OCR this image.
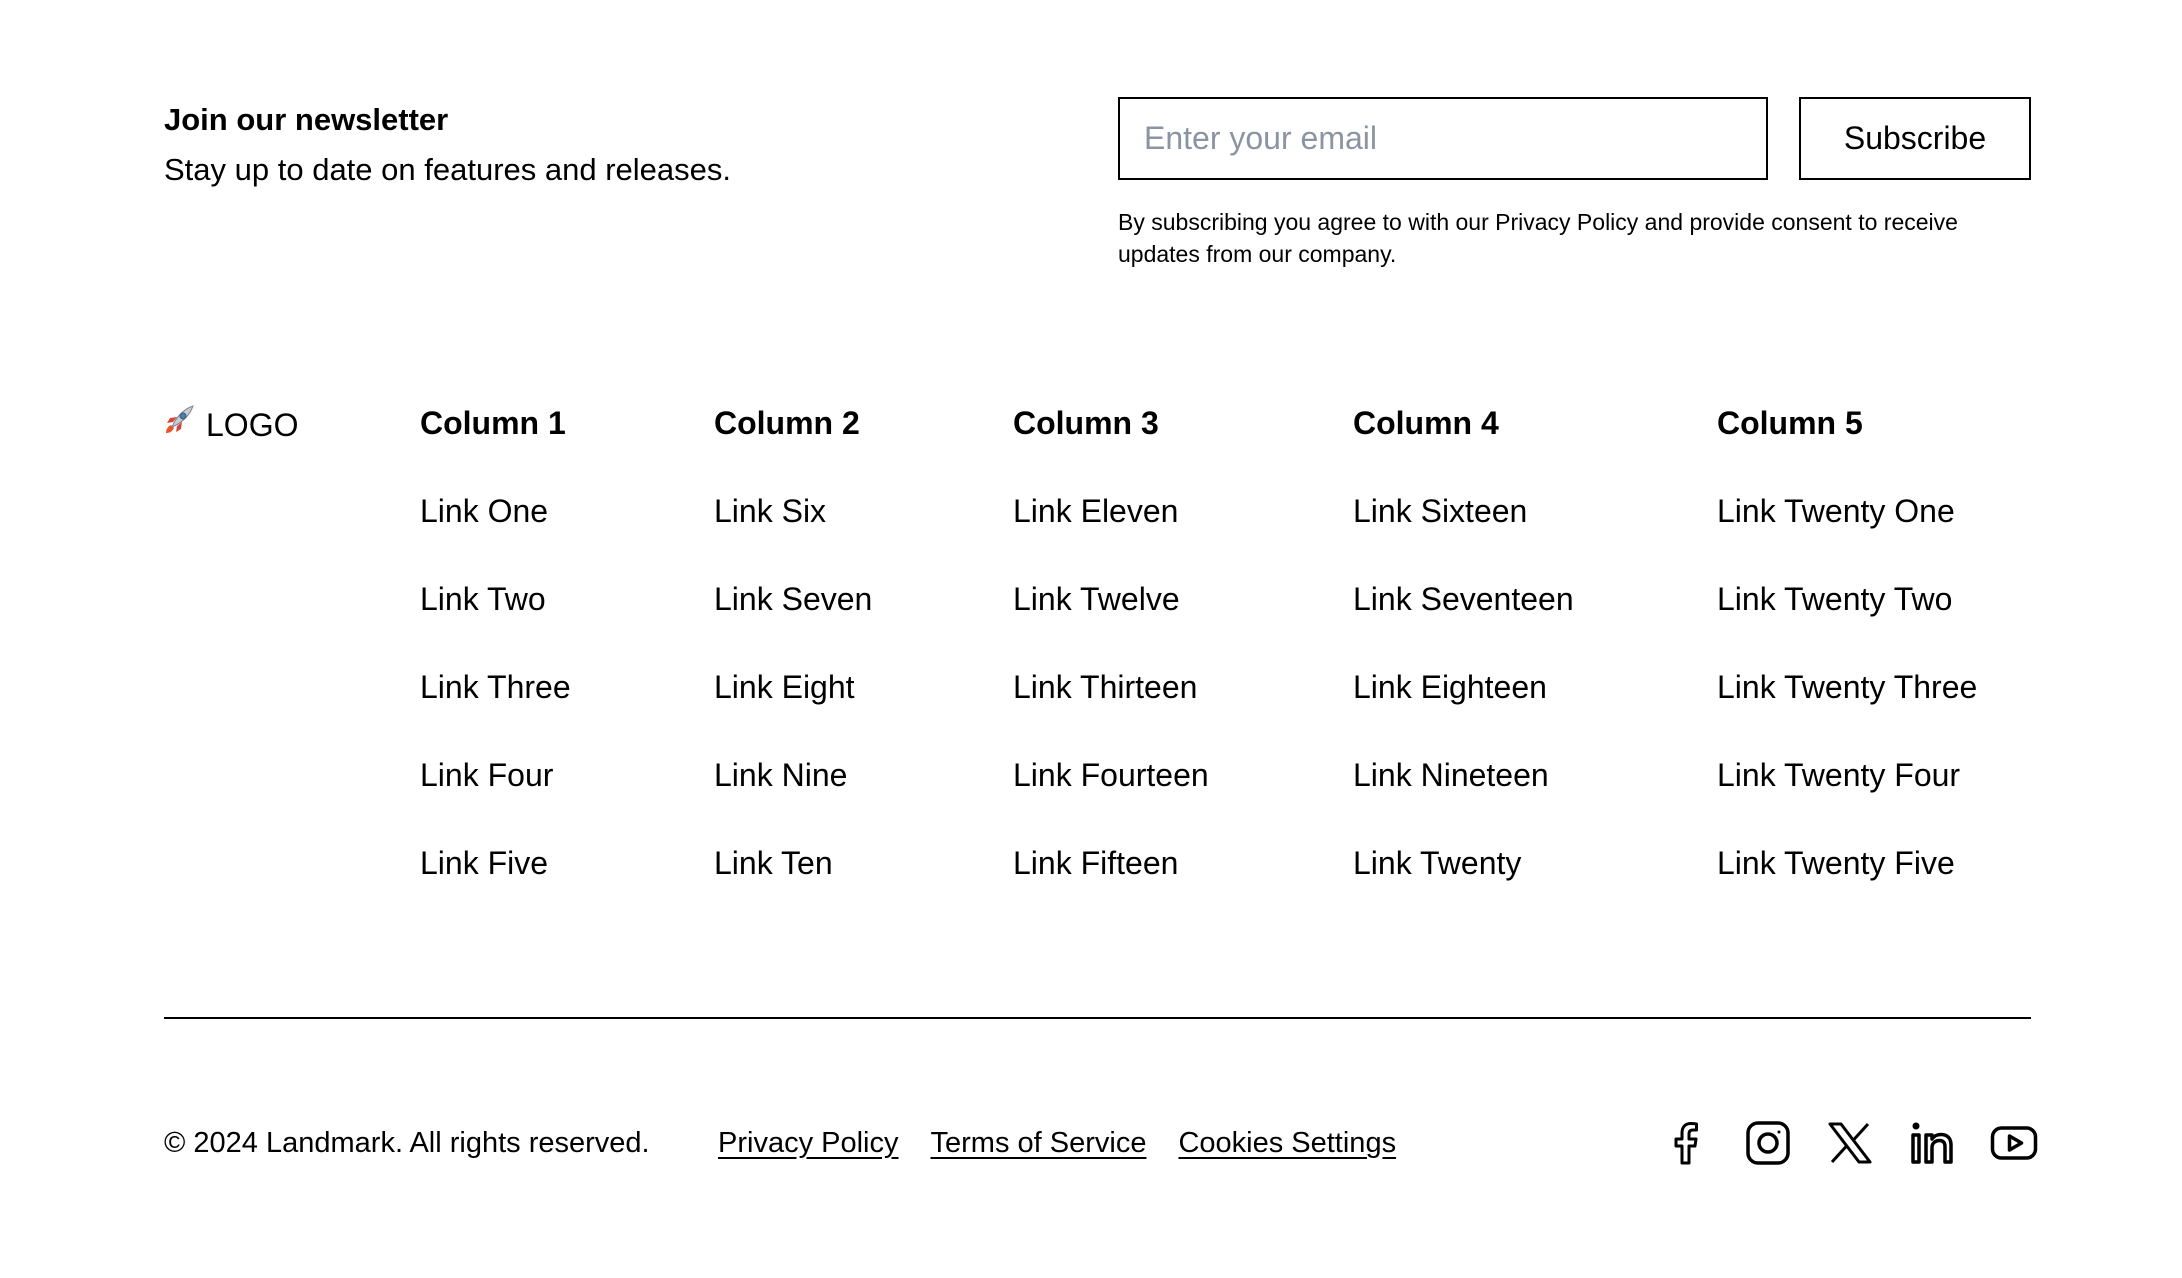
Join our newsletter
Stay up to date on features and releases.
Enter your email
Subscribe
By subscribing you agree to with our Privacy Policy and provide consent to receive updates from our company.
LOGO	Column 1
Link One
Link Two
Link Three
Link Four
Link Five
Column 2
Link Six
Link Seven
Link Eight
Link Nine
Link Ten
Column 3
Link Eleven
Link Twelve
Link Thirteen
Link Fourteen
Link Fifteen
Column 4
Link Sixteen
Link Seventeen
Link Eighteen
Link Nineteen
Link Twenty
Column 5
Link Twenty One
Link Twenty Two
Link Twenty Three
Link Twenty Four
Link Twenty Five
© 2024 Landmark. All rights reserved. Privacy Policy Terms of Service Cookies Settings
